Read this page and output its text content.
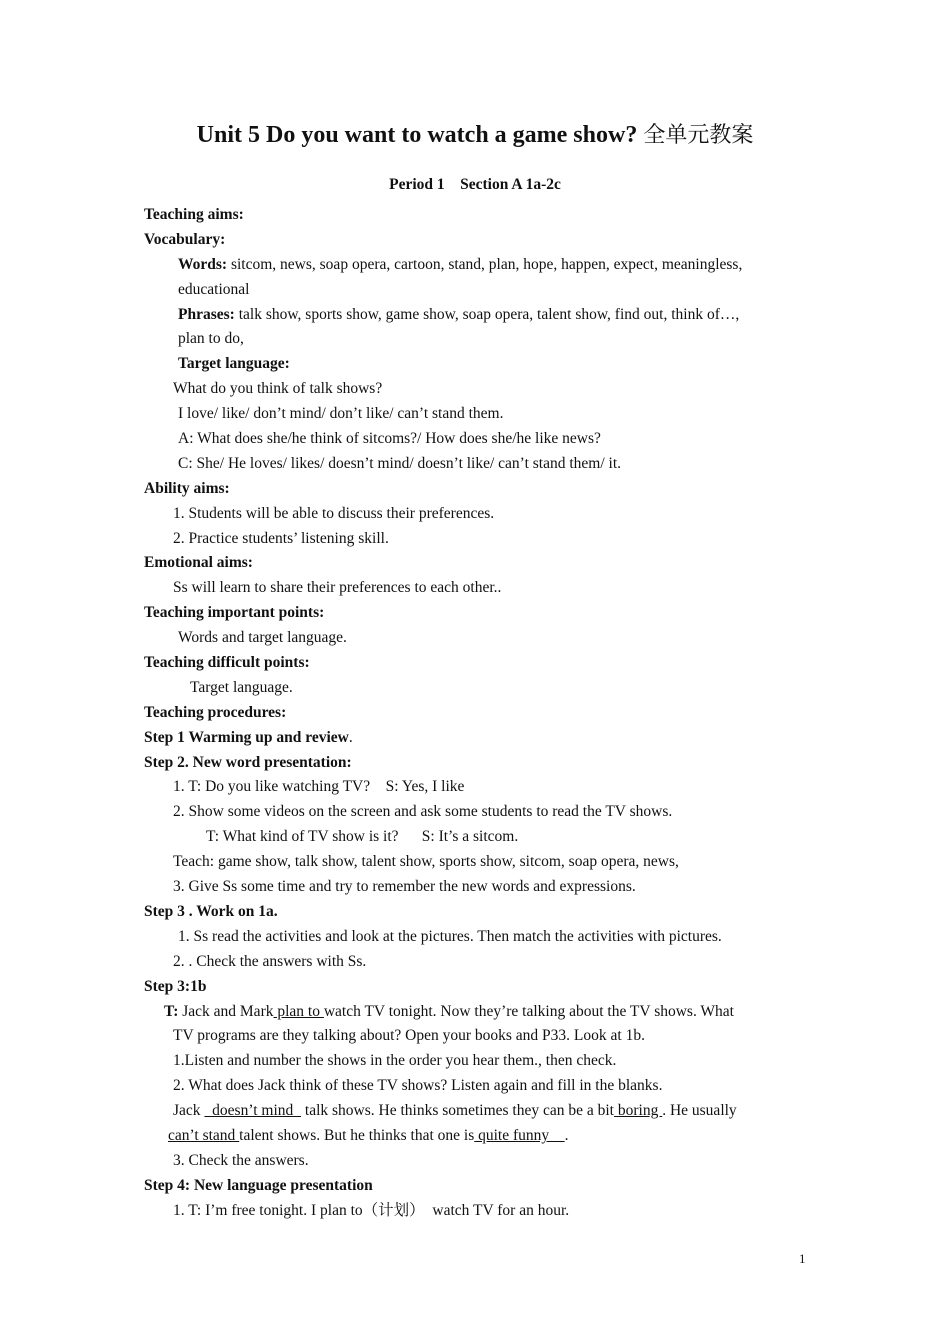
Unit 5 Do you want to watch a game show? 全单元教案
Period 1    Section A 1a-2c
Teaching aims:
Vocabulary:
Words: sitcom, news, soap opera, cartoon, stand, plan, hope, happen, expect, meaningless,
educational
Phrases: talk show, sports show, game show, soap opera, talent show, find out, think of…,
plan to do,
Target language:
What do you think of talk shows?
I love/ like/ don’t mind/ don’t like/ can’t stand them.
A: What does she/he think of sitcoms?/ How does she/he like news?
C: She/ He loves/ likes/ doesn’t mind/ doesn’t like/ can’t stand them/ it.
Ability aims:
1. Students will be able to discuss their preferences.
2. Practice students’ listening skill.
Emotional aims:
Ss will learn to share their preferences to each other..
Teaching important points:
Words and target language.
Teaching difficult points:
Target language.
Teaching procedures:
Step 1 Warming up and review.
Step 2. New word presentation:
1. T: Do you like watching TV?    S: Yes, I like
2. Show some videos on the screen and ask some students to read the TV shows.
T: What kind of TV show is it?      S: It’s a sitcom.
Teach: game show, talk show, talent show, sports show, sitcom, soap opera, news,
3. Give Ss some time and try to remember the new words and expressions.
Step 3 . Work on 1a.
1. Ss read the activities and look at the pictures. Then match the activities with pictures.
2. . Check the answers with Ss.
Step 3:1b
T: Jack and Mark plan to watch TV tonight. Now they’re talking about the TV shows. What
TV programs are they talking about? Open your books and P33. Look at 1b.
1.Listen and number the shows in the order you hear them., then check.
2. What does Jack think of these TV shows? Listen again and fill in the blanks.
Jack   doesn’t mind   talk shows. He thinks sometimes they can be a bit boring . He usually
can’t stand talent shows. But he thinks that one is quite funny    .
3. Check the answers.
Step 4: New language presentation
1. T: I’m free tonight. I plan to（计划）  watch TV for an hour.
1
